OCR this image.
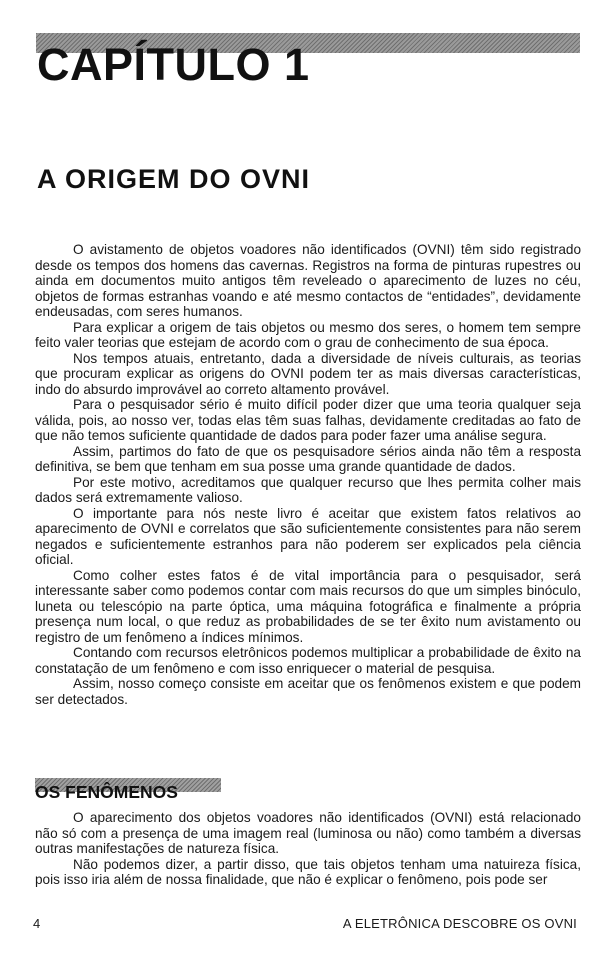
CAPÍTULO 1
A ORIGEM DO OVNI

O avistamento de objetos voadores não identificados (OVNI) têm sido registrado desde os tempos dos homens das cavernas. Registros na forma de pinturas rupestres ou ainda em documentos muito antigos têm reveleado o aparecimento de luzes no céu, objetos de formas estranhas voando e até mesmo contactos de “entidades”, devidamente endeusadas, com seres humanos.

Para explicar a origem de tais objetos ou mesmo dos seres, o homem tem sempre feito valer teorias que estejam de acordo com o grau de conhecimento de sua época.

Nos tempos atuais, entretanto, dada a diversidade de níveis culturais, as teorias que procuram explicar as origens do OVNI podem ter as mais diversas características, indo do absurdo improvável ao correto altamento provável.

Para o pesquisador sério é muito difícil poder dizer que uma teoria qualquer seja válida, pois, ao nosso ver, todas elas têm suas falhas, devidamente creditadas ao fato de que não temos suficiente quantidade de dados para poder fazer uma análise segura.

Assim, partimos do fato de que os pesquisadore sérios ainda não têm a resposta definitiva, se bem que tenham em sua posse uma grande quantidade de dados.

Por este motivo, acreditamos que qualquer recurso que lhes permita colher mais dados será extremamente valioso.

O importante para nós neste livro é aceitar que existem fatos relativos ao aparecimento de OVNI e correlatos que são suficientemente consistentes para não serem negados e suficientemente estranhos para não poderem ser explicados pela ciência oficial.

Como colher estes fatos é de vital importância para o pesquisador, será interessante saber como podemos contar com mais recursos do que um simples binóculo, luneta ou telescópio na parte óptica, uma máquina fotográfica e finalmente a própria presença num local, o que reduz as probabilidades de se ter êxito num avistamento ou registro de um fenômeno a índices mínimos.

Contando com recursos eletrônicos podemos multiplicar a probabilidade de êxito na constatação de um fenômeno e com isso enriquecer o material de pesquisa.

Assim, nosso começo consiste em aceitar que os fenômenos existem e que podem ser detectados.

OS FENÔMENOS

O aparecimento dos objetos voadores não identificados (OVNI) está relacionado não só com a presença de uma imagem real (luminosa ou não) como também a diversas outras manifestações de natureza física.

Não podemos dizer, a partir disso, que tais objetos tenham uma natuireza física, pois isso iria além de nossa finalidade, que não é explicar o fenômeno, pois pode ser

4	A ELETRÔNICA DESCOBRE OS OVNI
